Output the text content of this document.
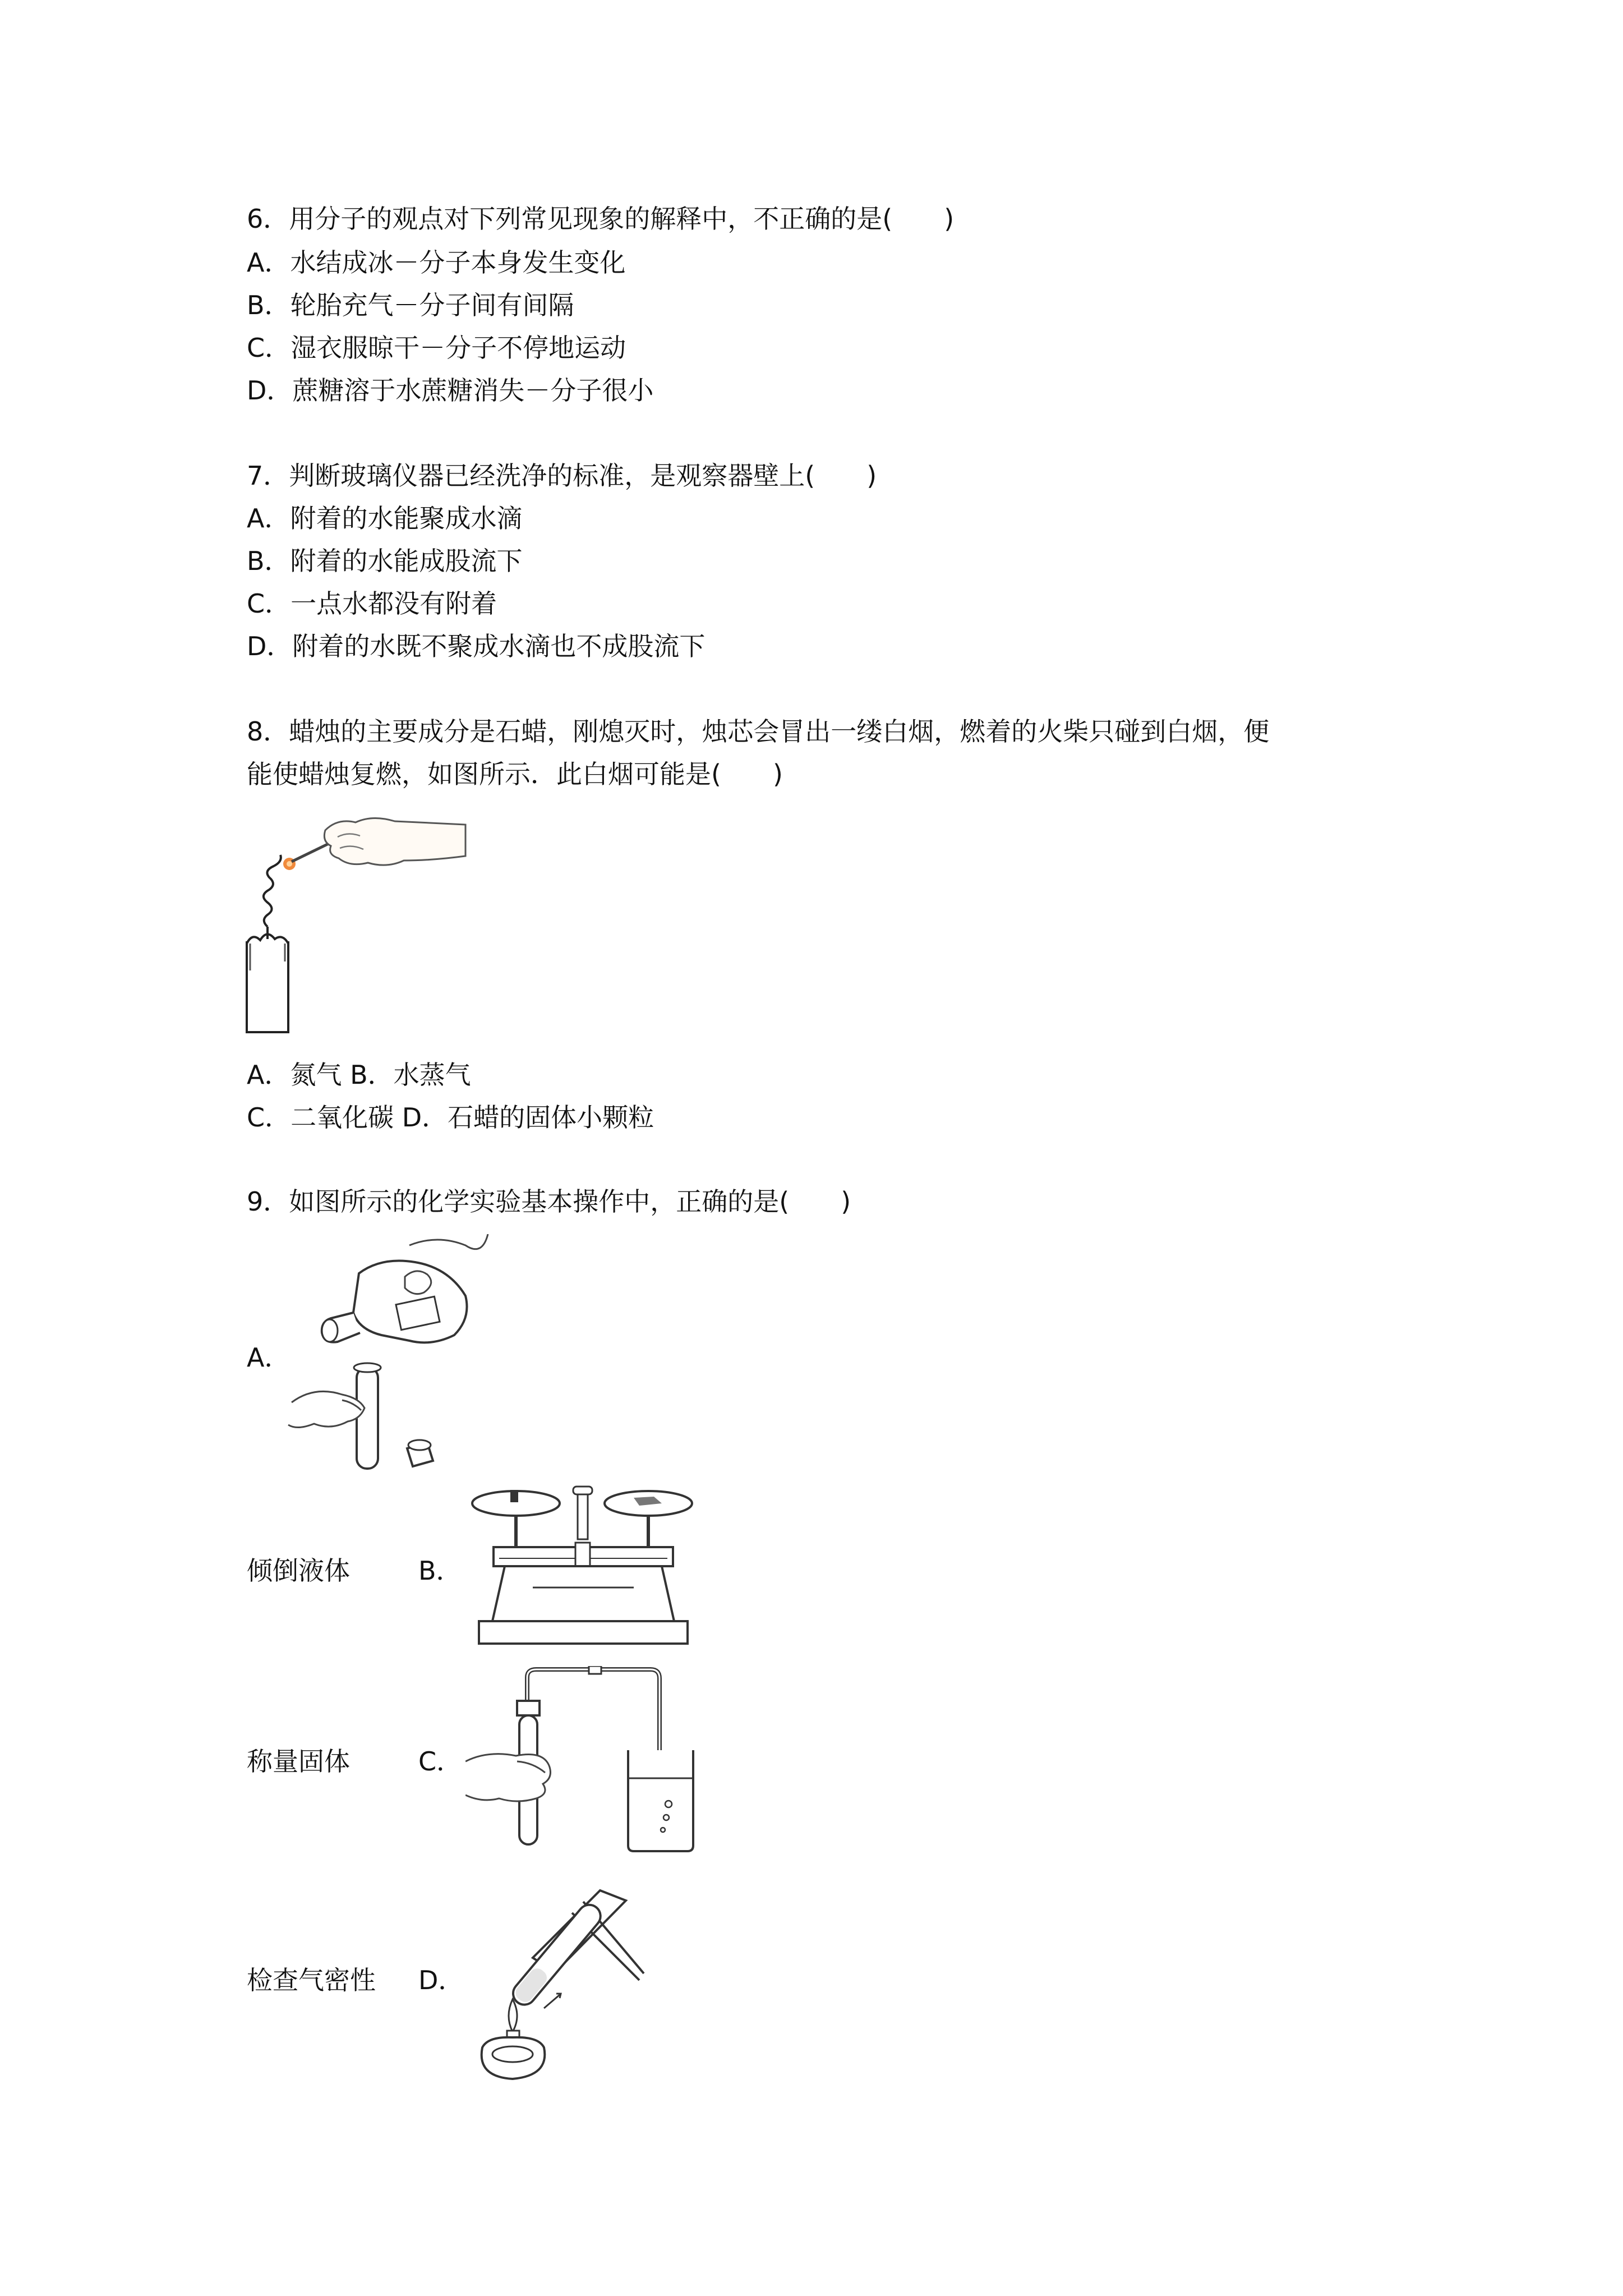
6．用分子的观点对下列常见现象的解释中，不正确的是(　　)
A．水结成冰－分子本身发生变化
B．轮胎充气－分子间有间隔
C．湿衣服晾干－分子不停地运动
D．蔗糖溶于水蔗糖消失－分子很小
7．判断玻璃仪器已经洗净的标准，是观察器壁上(　　)
A．附着的水能聚成水滴
B．附着的水能成股流下
C．一点水都没有附着
D．附着的水既不聚成水滴也不成股流下
8．蜡烛的主要成分是石蜡，刚熄灭时，烛芯会冒出一缕白烟，燃着的火柴只碰到白烟，便
能使蜡烛复燃，如图所示．此白烟可能是(　　)
A．氮气 B．水蒸气
C．二氧化碳 D．石蜡的固体小颗粒
9．如图所示的化学实验基本操作中，正确的是(　　)
A．
倾倒液体	B．
称量固体	C．
检查气密性 D．
